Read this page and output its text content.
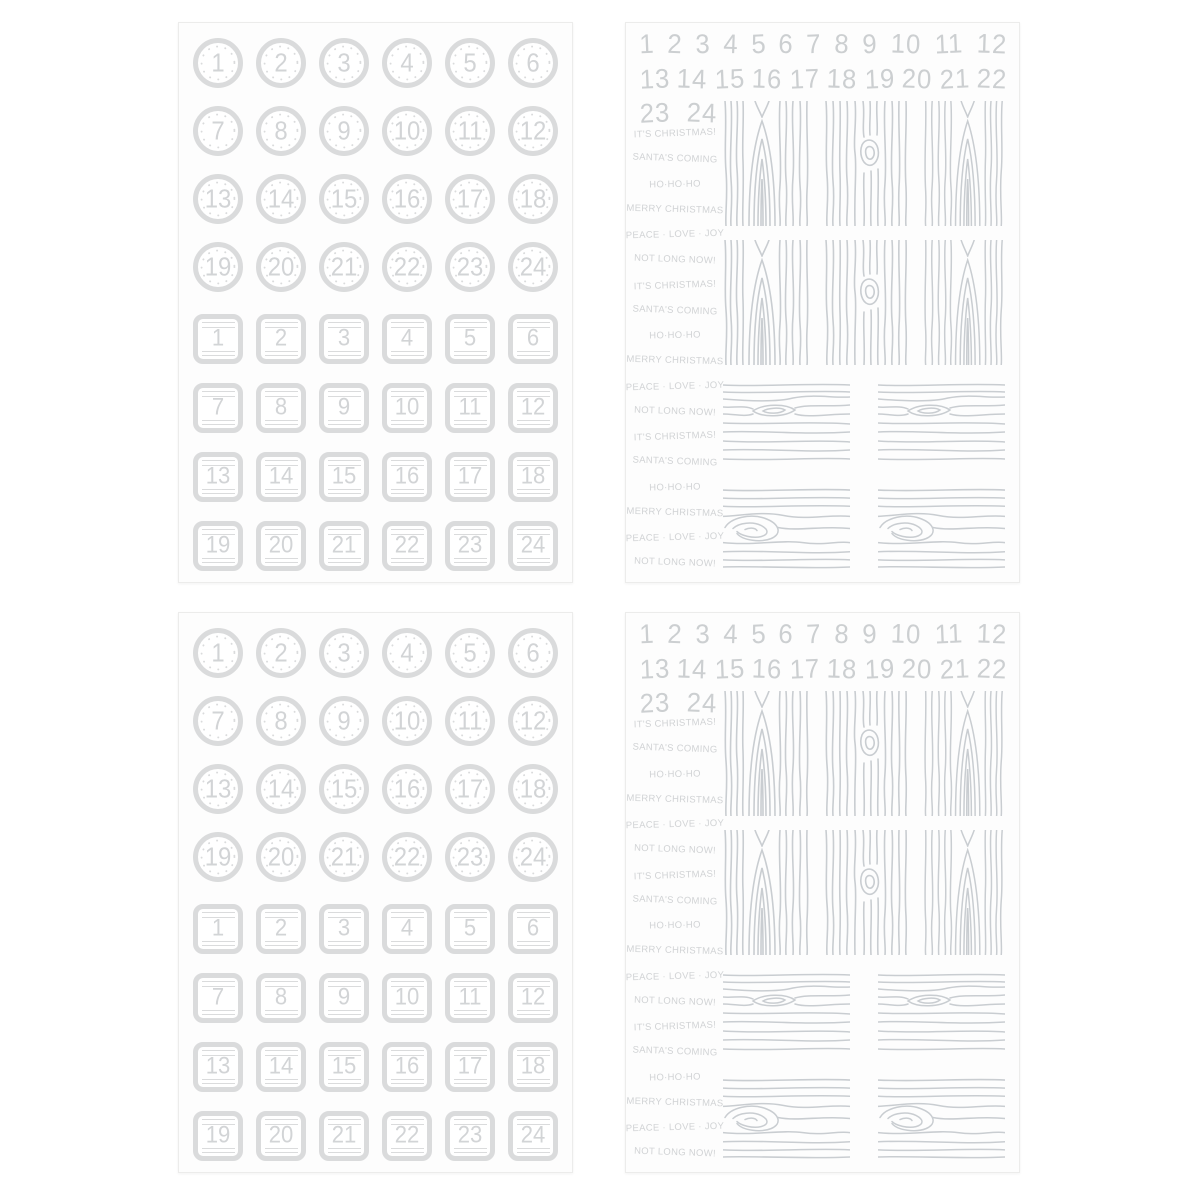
1 2 3 4 5 6
7 8 9 10 11 12
13 14 15 16 17 18
19 20 21 22 23 24
1 2 3 4 5 6
7 8 9 10 11 12
13 14 15 16 17 18
19 20 21 22 23 24
1 2 3 4 5 6 7 8 9 10 11 12
13 14 15 16 17 18 19 20 21 22
23 24
IT'S CHRISTMAS!
SANTA'S COMING
HO·HO·HO
MERRY CHRISTMAS
PEACE · LOVE · JOY
NOT LONG NOW!
IT'S CHRISTMAS!
SANTA'S COMING
HO·HO·HO
MERRY CHRISTMAS
PEACE · LOVE · JOY
NOT LONG NOW!
IT'S CHRISTMAS!
SANTA'S COMING
HO·HO·HO
MERRY CHRISTMAS
PEACE · LOVE · JOY
NOT LONG NOW!
1 2 3 4 5 6
7 8 9 10 11 12
13 14 15 16 17 18
19 20 21 22 23 24
1 2 3 4 5 6
7 8 9 10 11 12
13 14 15 16 17 18
19 20 21 22 23 24
1 2 3 4 5 6 7 8 9 10 11 12
13 14 15 16 17 18 19 20 21 22
23 24
IT'S CHRISTMAS!
SANTA'S COMING
HO·HO·HO
MERRY CHRISTMAS
PEACE · LOVE · JOY
NOT LONG NOW!
IT'S CHRISTMAS!
SANTA'S COMING
HO·HO·HO
MERRY CHRISTMAS
PEACE · LOVE · JOY
NOT LONG NOW!
IT'S CHRISTMAS!
SANTA'S COMING
HO·HO·HO
MERRY CHRISTMAS
PEACE · LOVE · JOY
NOT LONG NOW!
